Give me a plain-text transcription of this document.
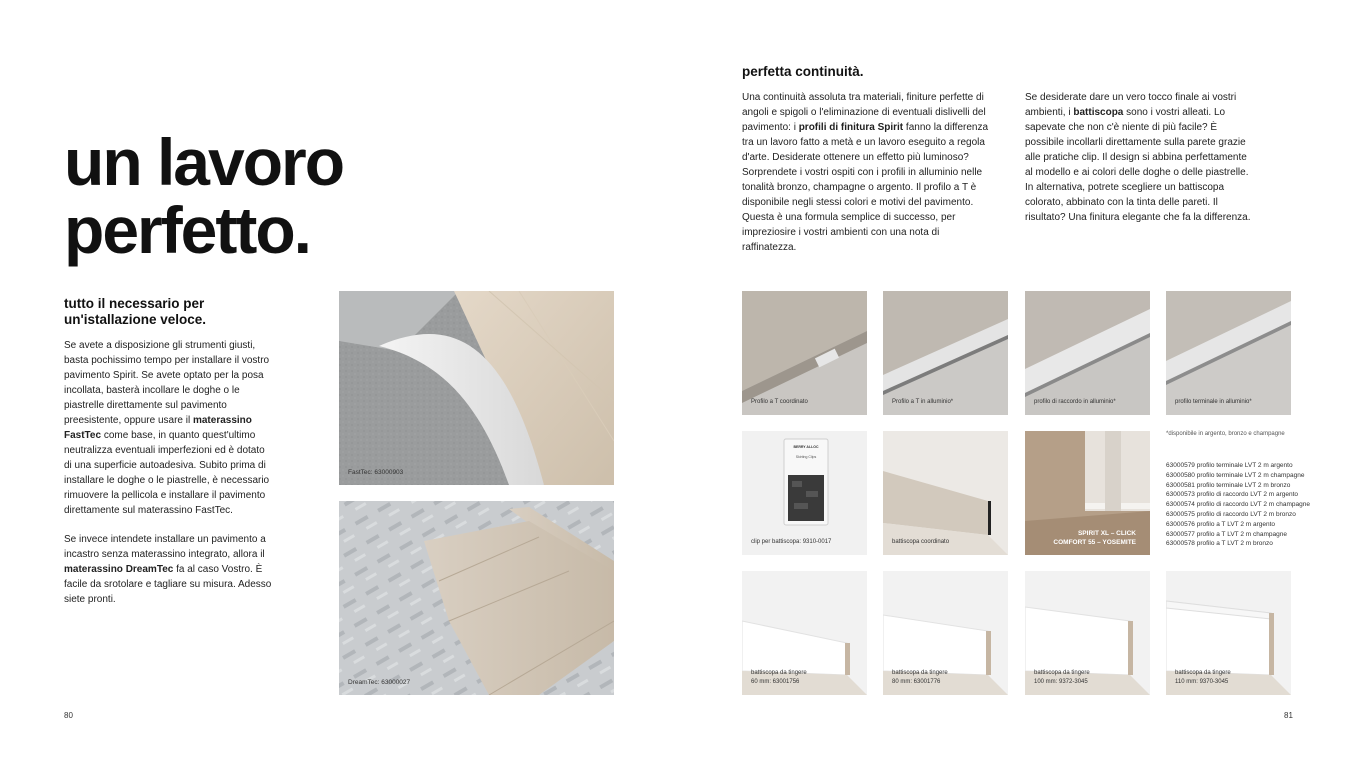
un lavoro
perfetto.
tutto il necessario per
un'istallazione veloce.
Se avete a disposizione gli strumenti giusti, basta pochissimo tempo per installare il vostro pavimento Spirit. Se avete optato per la posa incollata, basterà incollare le doghe o le piastrelle direttamente sul pavimento preesistente, oppure usare il materassino FastTec come base, in quanto quest'ultimo neutralizza eventuali imperfezioni ed è dotato di una superficie autoadesiva. Subito prima di installare le doghe o le piastrelle, è necessario rimuovere la pellicola e installare il pavimento direttamente sul materassino FastTec.
Se invece intendete installare un pavimento a incastro senza materassino integrato, allora il materassino DreamTec fa al caso Vostro. È facile da srotolare e tagliare su misura. Adesso siete pronti.
FastTec: 63000903
DreamTec: 63000027
80
perfetta continuità.
Una continuità assoluta tra materiali, finiture perfette di angoli e spigoli o l'eliminazione di eventuali dislivelli del pavimento: i profili di finitura Spirit fanno la differenza tra un lavoro fatto a metà e un lavoro eseguito a regola d'arte. Desiderate ottenere un effetto più luminoso? Sorprendete i vostri ospiti con i profili in alluminio nelle tonalità bronzo, champagne o argento. Il profilo a T è disponibile negli stessi colori e motivi del pavimento. Questa è una formula semplice di successo, per impreziosire i vostri ambienti con una nota di raffinatezza.
Se desiderate dare un vero tocco finale ai vostri ambienti, i battiscopa sono i vostri alleati. Lo sapevate che non c'è niente di più facile? È possibile incollarli direttamente sulla parete grazie alle pratiche clip. Il design si abbina perfettamente al modello e ai colori delle doghe o delle piastrelle. In alternativa, potrete scegliere un battiscopa colorato, abbinato con la tinta delle pareti. Il risultato? Una finitura elegante che fa la differenza.
Profilo a T coordinato	Profilo a T in alluminio*	profilo di raccordo in alluminio*	profilo terminale in alluminio*
BERRY ALLOC
Skirting Clips
clip per battiscopa: 9310-0017	battiscopa coordinato
SPIRIT XL – CLICK
COMFORT 55 – YOSEMITE
*disponibile in argento, bronzo e champagne
63000579 profilo terminale LVT 2 m argento
63000580 profilo terminale LVT 2 m champagne
63000581 profilo terminale LVT 2 m bronzo
63000573 profilo di raccordo LVT 2 m argento
63000574 profilo di raccordo LVT 2 m champagne
63000575 profilo di raccordo LVT 2 m bronzo
63000576 profilo a T LVT 2 m argento
63000577 profilo a T LVT 2 m champagne
63000578 profilo a T LVT 2 m bronzo
battiscopa da tingere
60 mm: 63001756
battiscopa da tingere
80 mm: 63001776
battiscopa da tingere
100 mm: 9372-3045
battiscopa da tingere
110 mm: 9370-3045
81
